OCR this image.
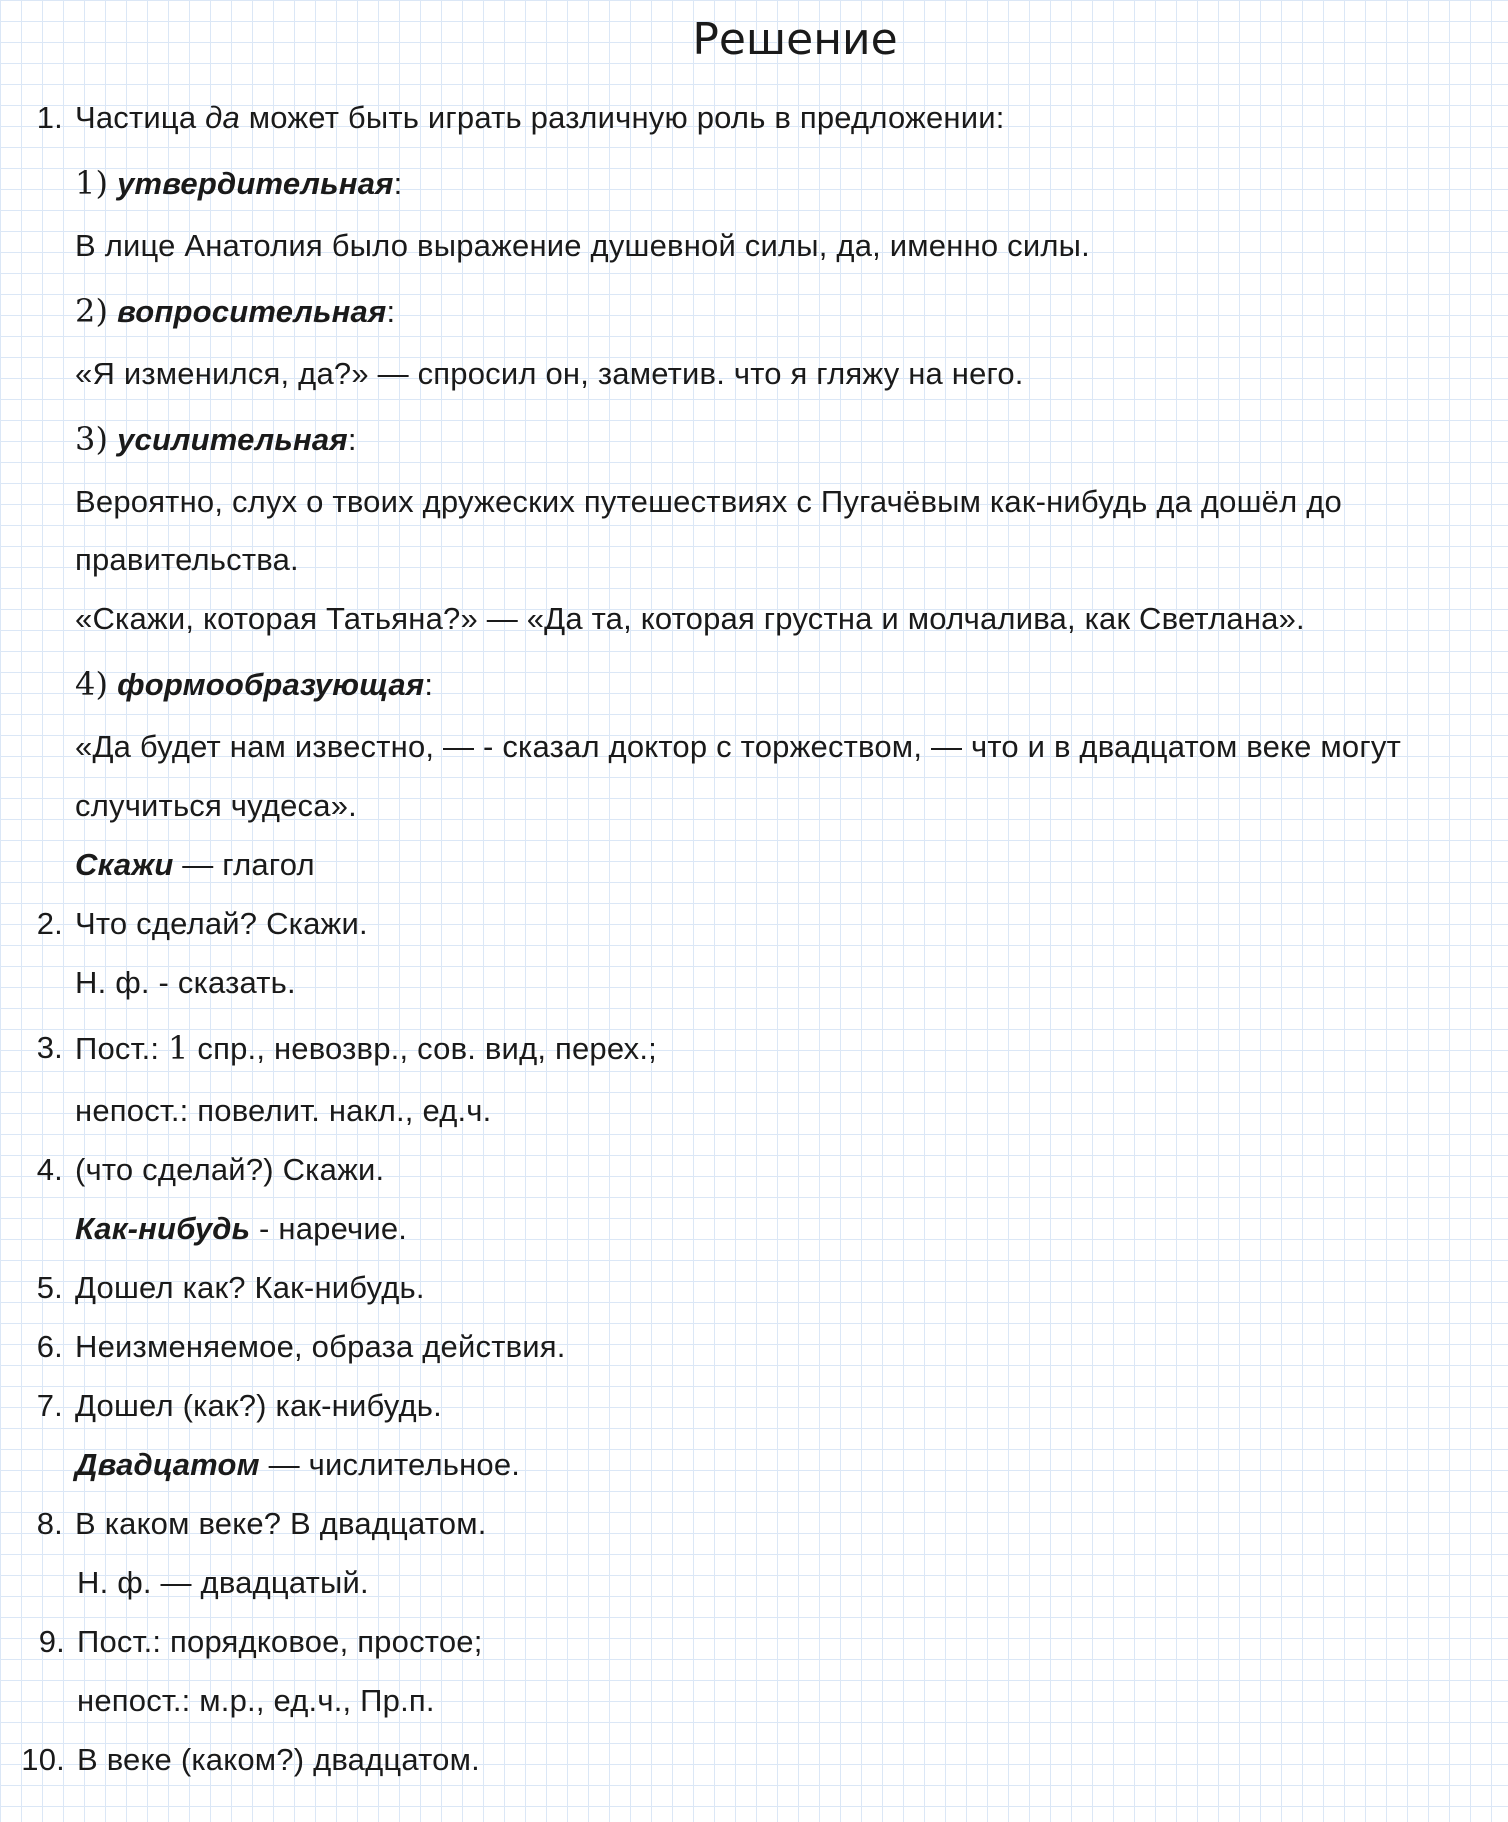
Решение
1. Частица да может быть играть различную роль в предложении:
1) утвердительная:
В лице Анатолия было выражение душевной силы, да, именно силы.
2) вопросительная:
«Я изменился, да?» — спросил он, заметив. что я гляжу на него.
3) усилительная:
Вероятно, слух о твоих дружеских путешествиях с Пугачёвым как-нибудь да дошёл до
правительства.
«Скажи, которая Татьяна?» — «Да та, которая грустна и молчалива, как Светлана».
4) формообразующая:
«Да будет нам известно, — - сказал доктор с торжеством, — что и в двадцатом веке могут
случиться чудеса».
Скажи — глагол
2. Что сделай? Скажи.
Н. ф. - сказать.
3. Пост.: 1 спр., невозвр., сов. вид, перех.;
непост.: повелит. накл., ед.ч.
4. (что сделай?) Скажи.
Как-нибудь - наречие.
5. Дошел как? Как-нибудь.
6. Неизменяемое, образа действия.
7. Дошел (как?) как-нибудь.
Двадцатом — числительное.
8. В каком веке? В двадцатом.
Н. ф. — двадцатый.
9. Пост.: порядковое, простое;
непост.: м.р., ед.ч., Пр.п.
10. В веке (каком?) двадцатом.
